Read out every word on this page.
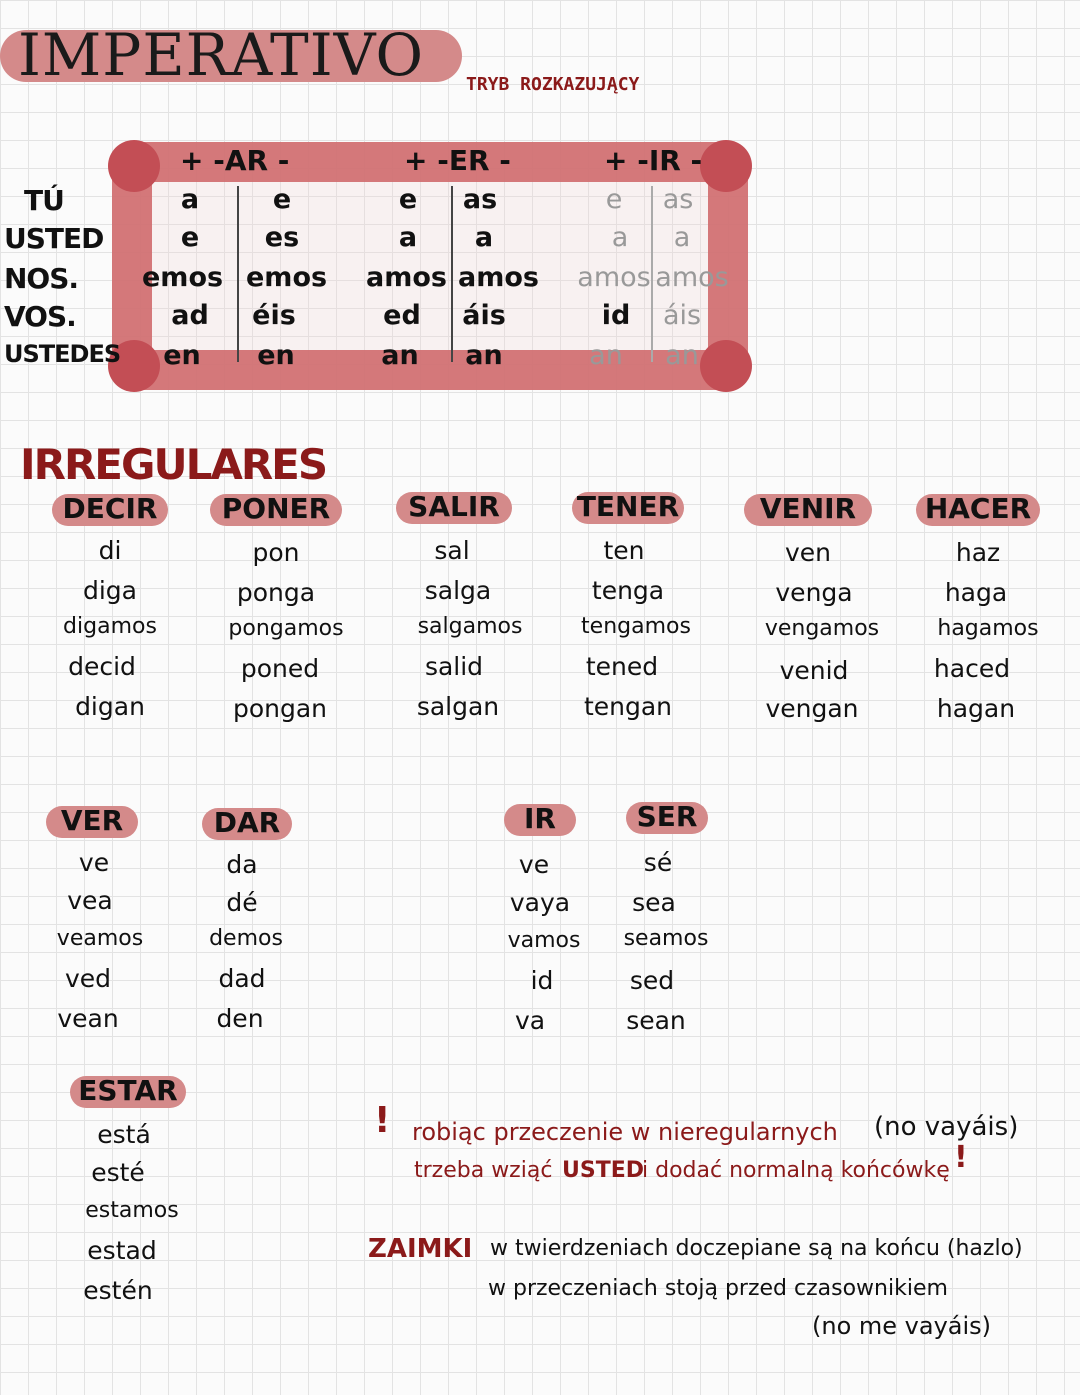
IMPERATIVO TRYB ROZKAZUJĄCY
+ -AR -	+ -ER -	+ -IR -
TÚ
USTED
NOS.
VOS.
USTEDES
a
e
emos
ad
en
e
es
emos
éis
en
e
a
amos
ed
an
as
a
amos
áis
an
e
a
amos
id
an
as
a
amos
áis
an
IRREGULARES
DECIR
di
diga
digamos
decid
digan
PONER
pon
ponga
pongamos
poned
pongan
SALIR
sal
salga
salgamos
salid
salgan
TENER
ten
tenga
tengamos
tened
tengan
VENIR
ven
venga
vengamos
venid
vengan
HACER
haz
haga
hagamos
haced
hagan
VER
ve
vea
veamos
ved
vean
DAR
da
dé
demos
dad
den
IR
ve
vaya
vamos
id
va
SER
sé
sea
seamos
sed
sean
ESTAR
está
esté
estamos
estad
estén
! robiąc przeczenie w nieregularnych (no vayáis)
trzeba wziąć USTED
i dodać normalną końcówkę !
ZAIMKI w twierdzeniach doczepiane są na końcu (hazlo)
w przeczeniach stoją przed czasownikiem
(no me vayáis)
